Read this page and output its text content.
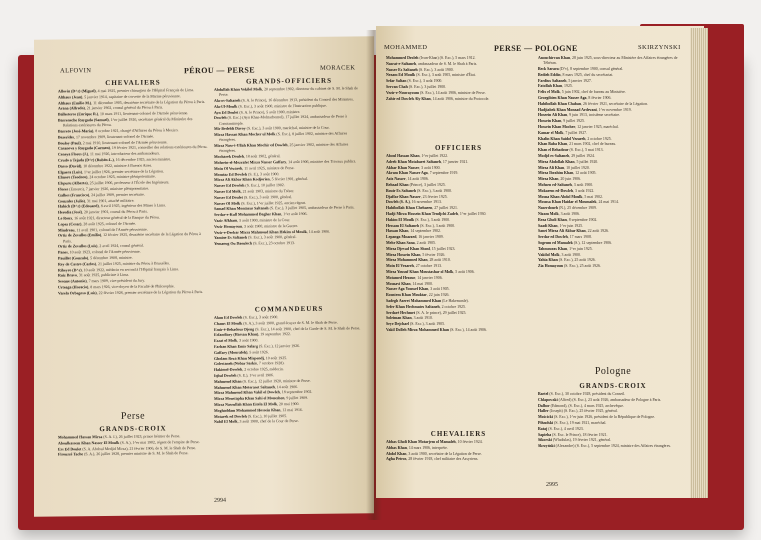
ALFOVIN	PÉROU — PERSE	MORACEK
CHEVALIERS
Allovin (D^r) (Miguel), 4 mai 1925, premier chirurgien de l'Hôpital Français de Lima.
Althaus (Jean), 5 janvier 1914, capitaine de corvette de la Marine péruvienne.
Althaus (Emilio M.), 11 décembre 1905, deuxième secrétaire de la Légation du Pérou à Paris.
Arana (Alfredo), 21 janvier 1902, consul général du Pérou à Paris.
Ballesteros (Enrique R.), 10 mars 1911, lieutenant-colonel de l'Armée péruvienne.
Barreneche Raygada (Samuel), 1^er juillet 1926, secrétaire général du Ministère des Relations extérieures du Pérou.
Barreto (José-Maria), 8 octobre 1921, chargé d'Affaires du Pérou à Mexico.
Bezerides, 17 novembre 1909, lieutenant-colonel de l'Armée.
Bouloy (Paul), 2 mai 1910, lieutenant-colonel de l'Armée péruvienne.
Casanova y Raygada (Carmen), 19 février 1921, conseiller des relations extérieures du Pérou.
Ceneya Flores (J.), 11 mai 1926, introducteur des ambassadeurs.
Crudo a Tejada (D^r) (Rubén-L.), 16 décembre 1925, ancien ministre.
Dasso (David), 10 décembre 1922, ministre à Buenos Aires.
Elguera (Luis), 1^er juillet 1926, premier secrétaire de la Légation.
Elmore (Teodoro), 24 octobre 1925, ministre plénipotentiaire.
Elspuru (Alberto), 25 juillet 1906, professeur à l'École des Ingénieurs.
Flores (Ernesto), 7 janvier 1926, ministre plénipotentiaire.
Galbes (Francisco), 24 juillet 1909, premier secrétaire.
Gonzales (Julio), 31 mai 1901, attaché militaire.
Habich (D^r) (Edouard), 8 avril 1925, ingénieur des Mines à Lima.
Heredia (José), 20 janvier 1901, consul du Pérou à Paris.
Le Roux, 16 août 1921, directeur général de la Banque du Pérou.
Lopez (Cesar), 28 août 1925, colonel de l'Armée.
Mindreau, 11 avril 1901, colonel de l'Armée péruvienne.
Ortiz de Zevallos (Emilio), 12 février 1925, deuxième secrétaire de la Légation du Pérou à Paris.
Ortiz de Zevallos (Luis), 2 avril 1924, consul général.
Panes, 10 août 1923, colonel de l'Armée péruvienne.
Pauillet (Gonzalo), 5 décembre 1908, ministre.
Rey de Castro (Carlos), 21 juillet 1925, ministre du Pérou à Bruxelles.
Ribeyro (D^r), 10 août 1922, médecin en second à l'Hôpital français à Lima.
Ruiz Bravo, 31 août 1925, publiciste à Lima.
Seoane (Antonio), 7 mars 1909, vice-président du Jury.
Urteaga (Horacio), 8 mars 1926, vice-doyen de la Faculté de Philosophie.
Varela Orbegoso (Luis), 22 février 1928, premier secrétaire de la Légation du Pérou à Paris.
Perse
GRANDS-CROIX
Mohammed Hassan Mirza (S. A. I.), 26 juillet 1923, prince héritier de Perse.
Aboulkassem Khan Nasser El Moulk (S. A.), 1^er mai 1902, régent de l'empire de Perse.
Ess Ed Doulet (S. A. Abdoul Medjid Mirza), 21 février 1906, de S. M. le Shah de Perse.
Firouzzé Tache (S. A.), 26 juillet 1928, premier ministre de S. M. le Shah de Perse.
GRANDS-OFFICIERS
Abdullah Khan Vekilol Molk, 20 septembre 1902, directeur du cabinet de S. M. le Shah de Perse.
Ala-os-Saltaneh (S. A. le Prince), 16 décembre 1913, président du Conseil des Ministres.
Ala-Ul-Moulk (S. Exc.), 3 août 1900, ministre de l'Instruction publique.
Ayn Ed Doulet (S. A. le Prince), 5 août 1900, ministre.
Dowleh (S. Exc.) (Ayn Khan-Mohtachemol), 17 juillet 1924, ambassadeur de Perse à Constantinople.
Mir Bedeldt Davoy (S. Exc.), 3 août 1900, maréchal, ministre de la Cour.
Mirza Hassan Khan Mocher ul Molk (S. Exc.), 8 juillet 1902, ministre des Affaires étrangères.
Mirza Nasr-i-Ullah Khan Mochir ed Dowleh, 25 janvier 1902, ministre des Affaires étrangères.
Mocharek Douleh, 18 août 1902, général.
Mohsein-el-Mezrafet Mirza Nasser Gaffary, 14 août 1906, ministre des Travaux publics.
Moin Ol Vezareh, 11 avril 1925, ministre de Perse.
Momtaz Ed Dowleh (S. E.), 3 août 1900.
Mirza Ali Akbar Khan Kodjorien, 5 février 1901, général.
Nasser Ed Dowleh (S. Exc.), 10 juillet 1902.
Nasser Ed Molk, 21 août 1903, ministre du Trésor.
Nasser Ed Doulet (S. Exc.), 3 août 1900, général.
Nasser Ol Molk (S. Exc.), 1^er juillet 1925, ancien régent.
Samad Khan Montazus Saltaneh (S. Exc.), 3 juillet 1905, ambassadeur de Perse à Paris.
Serdar-e-Kull Mohammed Bagher Khan, 1^er août 1906.
Vazir Afkham, 5 août 1900, ministre de la Cour.
Vezir Homayoun, 3 août 1900, ministre de la Guerre.
Vezir-e-Derbar Mirza Mahmoud Khan Hekim ol Moulk, 14 août 1906.
Yamine Es Saltaneh (S. Exc.), 3 août 1900, général.
Yemaoug Ou Daoulech (S. Exc.), 23 octobre 1913.
COMMANDEURS
Alam Ed Dowleh (S. Exc.), 3 août 1900.
Chams El Moulk (S. A.), 3 août 1900, grand écuyer de S. M. le Shah de Perse.
Emir-é-Behadour Djeng (S. Exc.), 14 août 1900, chef de la Garde de S. M. le Shah de Perse.
Esfandiary (Hassan Khan), 19 septembre 1922.
Ezzat ol Molk, 3 août 1900.
Farhan Khan Emir Salarg (S. Exc.), 12 janvier 1926.
Gaffary (Mourafeh), 5 août 1926.
Gholam Reza Khan Mirpendj, 10 août 1925.
Golestaneh (Nobar Sarkis, 7 octobre 1928).
Hakimol-Dowleh, 2 octobre 1925, médecin.
Iqbal Dowleh (S. E.), 1^er avril 1906.
Mahmoud Khan (S. Exc.), 12 juillet 1920, ministre de Perse.
Mahmoud Khan Moteraset Saltaneh, 14 août 1906.
Mirza Mahmoud Khan Vakil ol Dowleh, 18 septembre 1902.
Mirza Moustapha Khan Sahi el Moneshen, 9 juillet 1909.
Mirza Nasrullah Khan Eitela El Molk, 20 mai 1900.
Moghaddam Mohammed Hossein Khan, 12 mai 1916.
Motarek ed Dowleh (S. Exc.), 10 juillet 1905.
Nabil El Molk, 3 août 1900, chef de la Cour de Perse.
2994
MOHAMMED	PERSE — POLOGNE	SKIRZYNSKI
Mohammed Droleh (Ivan-Khan) (S. Exc.), 5 mars 1912.
Nasrat-e-Saltaneh, ambassadeur de S. M. le Shah à Paris.
Nasser Es Saltaneh (S. Exc.), 3 août 1900.
Nezam Ed Moulk (S. Exc.), 3 août 1905, ministre d'État.
Sefar Saltan (S. Exc.), 3 août 1900.
Servan Chah (S. Exc.), 3 juillet 1900.
Vezir-e-Nouvayoum (S. Exc.), 14 août 1906, ministre de Perse.
Zahir ed Dowleh Aly Khan, 14 août 1906, ministre du Protocole.
OFFICIERS
Aboul Hassan Khan, 1^er juillet 1922.
Adeeb Khan Motabaret Saltaneh, 17 janvier 1921.
Akbar Khan Nasser, 3 août 1900.
Akram Khan Nasser Aga, 7 septembre 1919.
Aziz Nasser, 14 août 1906.
Behzad Khan (Prince), 3 juillet 1925.
Bouir Es Saltaneh (S. Exc.), 3 août 1900.
Djaffar Khan Nasser, 23 février 1925.
Dowleh (S. A.), 16 novembre 1913.
Habibollah Khan Chehaeen, 27 juillet 1921.
Hadji Mirza Hossein Khan Tendjchi Zadeh, 1^er juillet 1930.
Hakim El Moulk (S. Exc.), 3 août 1900.
Hessam El Saltaneh (S. Exc.), 3 août 1900.
Hassan Khan, 14 septembre 1902.
Lepanga Moazzed, 16 janvier 1909.
Mehr Khan Sana, 2 août 1905.
Mirza Djevad Khan Shonl, 15 juillet 1923.
Mirza Hossein Khan, 5 février 1926.
Mirza Mohammed Khan, 28 août 1910.
Moin El Vezareh, 27 octobre 1913.
Mirza Yousuf Khan Moustashar ol Molk, 5 août 1906.
Motamed Hezour, 14 janvier 1906.
Mousavi Khan, 14 mai 1900.
Nasser Aga Youssef Khan, 3 août 1905.
Roustem Khan Mouktar, 22 juin 1926.
Sadegh Azeret Mohammed Khan (Le Hakemonle).
Sefer Khan Hechmates Saltaneh, 2 octobre 1925.
Serdaré Hechmet (S. A. le prince), 29 juillet 1925.
Soleiman Khan, 3 août 1910.
Seye Dejchael (S. Exc.), 3 août 1905.
Vakil Dolleh Mirza Mohammed Khan (S. Exc.), 14 août 1906.
CHEVALIERS
Abbas Gholi Khan Motarjem ol Mamaleh, 10 février 1924.
Abbas Khan, 14 mars 1906, interprète.
Abdol Khan, 3 août 1900, secrétaire de la Légation de Perse.
Agha Petros, 28 février 1918, chef militaire des Assyriens.
Anouchirvan Khan, 28 juin 1925, sous-directeur au Ministère des Affaires étrangères de Téhéran.
Beck Saraea (D^r), 8 septembre 1900, consul général.
Bedieh Eddin, 8 mars 1925, chef du secrétariat.
Fardius Saltaneh, 5 janvier 1927.
Fatollah Khan, 1925.
Felix el Molk, 5 juin 1902, chef de bureau au Ministère.
Georgibien Khan Nasser Aga, 8 février 1906.
Habibollah Khan Chaban, 26 février 1921, secrétaire de la Légation.
Hadjiabek Khan Monzad Ardevani, 1^er novembre 1919.
Hoseein Ali Khan, 9 juin 1913, troisième secrétaire.
Hossein Khan, 9 juillet 1925.
Hossein Khan Mocher, 12 janvier 1925, maréchal.
Kamar el Molk, 7 juillet 1927.
Khalin Khan Saidol Vezareh, 2 octobre 1925.
Khan Baba Khan, 21 mars 1902, chef de bureau.
Khan el Behadour (S. Exc.), 5 mai 1913.
Modjd es-Saltaneh, 29 juillet 1924.
Mirza Abdollah Khan, 5 juillet 1920.
Mirza Ali Khan, 10 juillet 1920.
Mirza Ibrahim Khan, 12 août 1905.
Mirza Khan, 20 juin 1906.
Mohsen ed-Saltaneh, 3 août 1900.
Mokarem ed-Dowleh, 3 août 1922.
Mousa Khan Abdol Moulk, 5 mai 1902.
Moussa Khan Haidar el Moumalek, 24 mai 1914.
Naserdoueh (N.), 25 décembre 1909.
Nizam Molk, 3 août 1906.
Reza Gholi Khan, 8 septembre 1902.
Saadi Khan, 1^er juin 1925.
Sanei Mirza Ali Akbar Khan, 22 août 1926.
Serdar ed Dowleh, 17 mars 1908.
Sogeum ed Mamalek (S.), 12 septembre 1906.
Tahmouras Khan, 1^er juin 1925.
Vakilol Molk, 3 août 1900.
Yahia Khan (S. Exc.), 25 août 1926.
Zia Homayoun (S. Exc.), 25 août 1926.
Pologne
GRANDS-CROIX
Bartel (S. Exc.), 30 octobre 1928, président du Conseil.
Chlapowski (Alfred) (S. Exc.), 23 août 1926, ambassadeur de Pologne à Paris.
Dalbor (Edmond), (S. Exc.), 4 mars 1925, archevêque.
Haller (Joseph) (S. Exc.), 25 février 1925, général.
Mościcki (S. Exc.), 1^er juin 1926, président de la République de Pologne.
Piłsudski (S. Exc.), 19 mai 1921, maréchal.
Rataj (S. Exc.), 4 avril 1923.
Sapieha (S. Exc. le Prince), 18 février 1921.
Sikorski (Wladislas), 19 février 1921, général.
Skrzyński (Alexandre) (S. Exc.), 5 septembre 1924, ministre des Affaires étrangères.
2995
